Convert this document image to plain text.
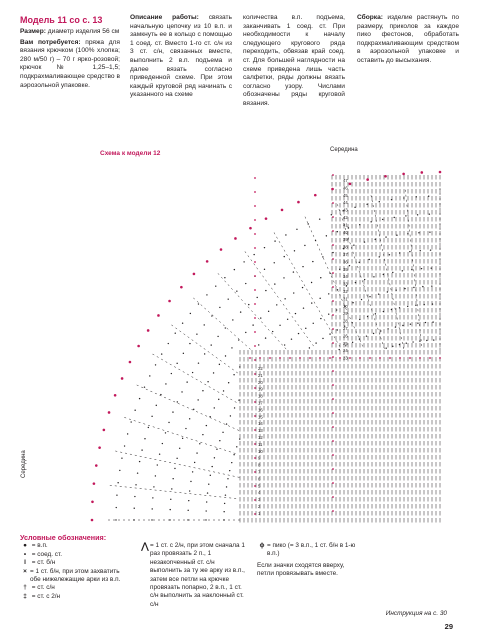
Модель 11 со с. 13

Размер: диаметр изделия 56 см

Вам потребуется: пряжа для вязания крючком (100% хлопка; 280 м/50 г) – 70 г ярко-розовой; крючок № 1,25–1,5; подкрахмаливающее средство в аэрозольной упаковке.

Описание работы: связать начальную цепочку из 10 в.п. и замкнуть ее в кольцо с помощью 1 соед. ст. Вместо 1-го ст. с/н из 3 ст. с/н, связанных вместе, выполнить 2 в.п. подъема и далее вязать согласно приведенной схеме. При этом каждый круговой ряд начинать с указанного на схеме

количества в.п. подъема, заканчивать 1 соед. ст. При необходимости к началу следующего кругового ряда переходить, обвязав край соед. ст. Для большей наглядности на схеме приведена лишь часть салфетки, ряды должны вязать согласно узору. Числами обозначены ряды круговой вязания.

Сборка: изделие растянуть по размеру, приколов за каждое пико фестонов, обработать подкрахмаливающим средством в аэрозольной упаковке и оставить до высыхания.

Схема к модели 12	Середина
Середина
47
46
45
44
43
42
41
40
39
38
37
36
35
34
33
32
31
30
29
28
27
26
25
24
23
22
21
20
19
18
17
16
15
14
13
12
11
10
9
8
7
6
5
4
3
2
1
Условные обозначения:
● = в.п.
• = соед. ст.
I = ст. б/н
× = 1 ст. б/н, при этом захватить обе нижележащие арки из в.п.
† = ст. с/н
‡ = ст. с 2/н
⋀ = 1 ст. с 2/н, при этом сначала 1 раз провязать 2 п., 1 незакonченный ст. с/н выполнить за ту же арку из в.п., затем все петли на крючке провязать попарно, 2 в.п., 1 ст. с/н выполнить за наклонный ст. с/н
ϕ = пико (= 3 в.п., 1 ст. б/н в 1-ю в.п.)
Если значки сходятся вверху, петли провязывать вместе.
Инструкция на с. 30
29
